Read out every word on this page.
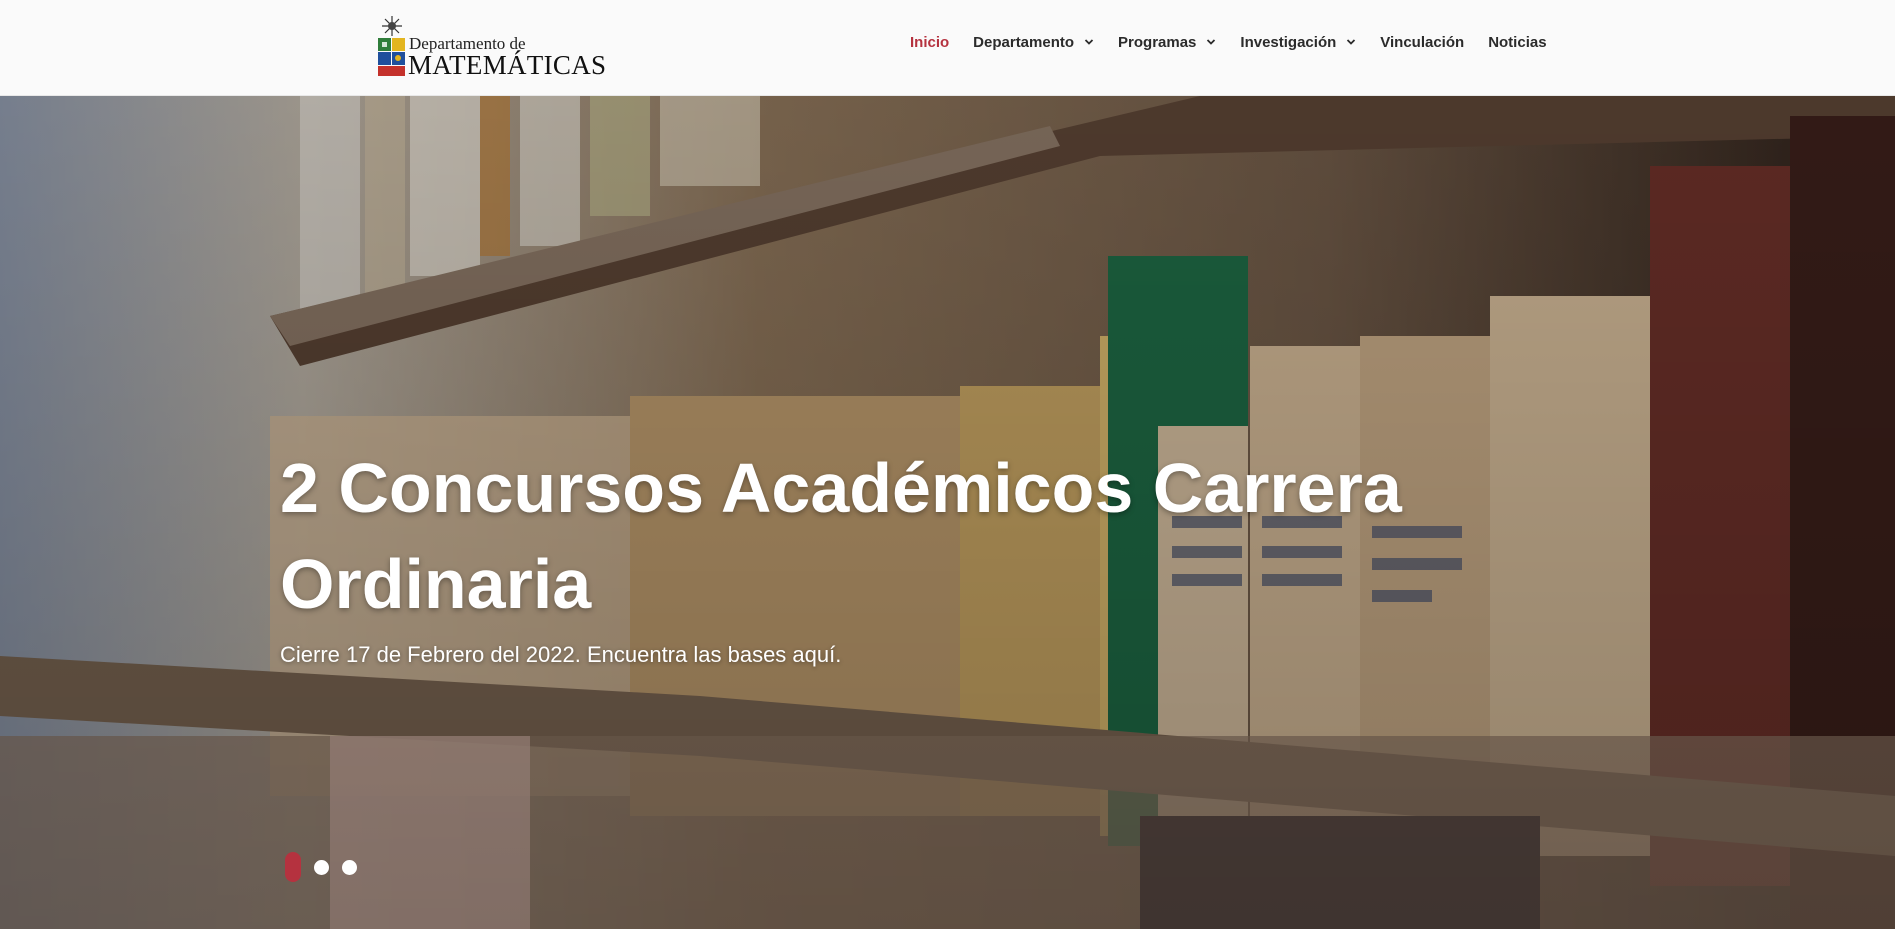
Departamento de
MATEMÁTICAS
Inicio Departamento	Programas	Investigación	Vinculación Noticias
2 Concursos Académicos Carrera Ordinaria

Cierre 17 de Febrero del 2022. Encuentra las bases aquí.
